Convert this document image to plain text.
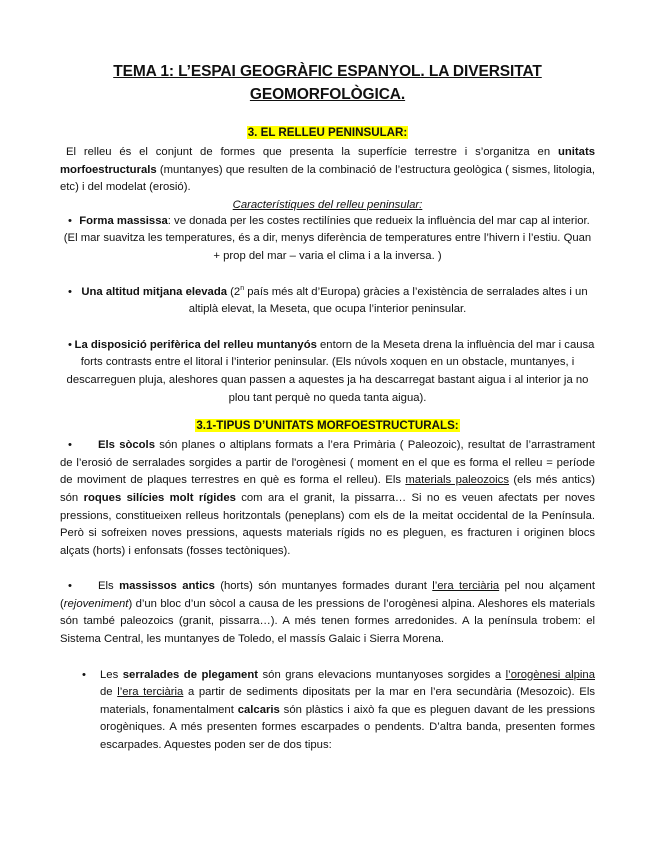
TEMA 1: L’ESPAI GEOGRÀFIC ESPANYOL. LA DIVERSITAT
GEOMORFOLÒGICA.
3. EL RELLEU PENINSULAR:

El relleu és el conjunt de formes que presenta la superfície terrestre i s’organitza en unitats morfoestructurals (muntanyes) que resulten de la combinació de l’estructura geològica ( sismes, litologia, etc) i del modelat (erosió).

Característiques del relleu peninsular:
• Forma massissa: ve donada per les costes rectilínies que redueix la influència del mar cap al interior. (El mar suavitza les temperatures, és a dir, menys diferència de temperatures entre l’hivern i l’estiu. Quan + prop del mar – varia el clima i a la inversa. )
• Una altitud mitjana elevada (2$^n$ país més alt d’Europa) gràcies a l’existència de serralades altes i un altiplà elevat, la Meseta, que ocupa l’interior peninsular.
• La disposició perifèrica del relleu muntanyós entorn de la Meseta drena la influència del mar i causa forts contrasts entre el litoral i l’interior peninsular. (Els núvols xoquen en un obstacle, muntanyes, i descarreguen pluja, aleshores quan passen a aquestes ja ha descarregat bastant aigua i al interior ja no plou tant perquè no queda tanta aigua).
3.1-TIPUS D’UNITATS MORFOESTRUCTURALS:
• Els sòcols són planes o altiplans formats a l’era Primària ( Paleozoic), resultat de l’arrastrament de l’erosió de serralades sorgides a partir de l'orogènesi ( moment en el que es forma el relleu = període de moviment de plaques terrestres en què es forma el relleu). Els materials paleozoics (els més antics) són roques silícies molt rígides com ara el granit, la pissarra… Si no es veuen afectats per noves pressions, constitueixen relleus horitzontals (peneplans) com els de la meitat occidental de la Península. Però si sofreixen noves pressions, aquests materials rígids no es pleguen, es fracturen i originen blocs alçats (horts) i enfonsats (fosses tectòniques).
• Els massissos antics (horts) són muntanyes formades durant l’era terciària pel nou alçament (rejoveniment) d’un bloc d’un sòcol a causa de les pressions de l’orogènesi alpina. Aleshores els materials són també paleozoics (granit, pissarra…). A més tenen formes arredonides. A la península trobem: el Sistema Central, les muntanyes de Toledo, el massís Galaic i Sierra Morena.
• Les serralades de plegament són grans elevacions muntanyoses sorgides a l’orogènesi alpina de l’era terciària a partir de sediments dipositats per la mar en l’era secundària (Mesozoic). Els materials, fonamentalment calcaris són plàstics i això fa que es pleguen davant de les pressions orogèniques. A més presenten formes escarpades o pendents. D’altra banda, presenten formes escarpades. Aquestes poden ser de dos tipus:
